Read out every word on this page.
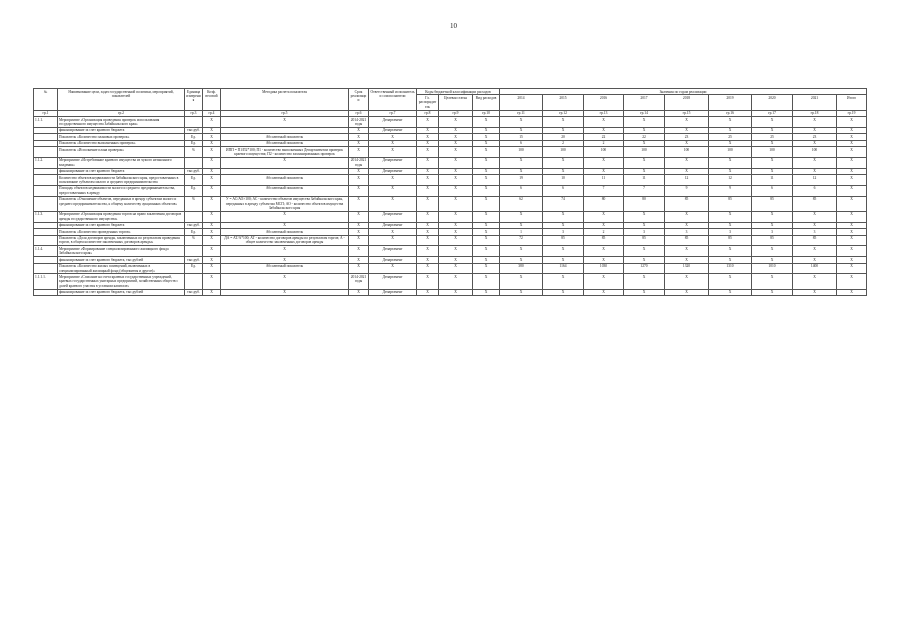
10
№	Наименование цели, задач государственной политики, мероприятий, показателей	Единица измерения	Коэф. весовой	Методика расчета показателя	Срок реализации	Ответственный исполнитель и соисполнители	Коды бюджетной классификации расходов			Значения по годам реализации								
							Гл. распорядитель	Целевая статья	Вид расходов	2014	2015	2016	2017	2018	2019	2020	2021	Итого
гр.1	гр.2	гр.3	гр.4	гр.5	гр.6	гр.7	гр.8	гр.9	гр.10	гр.11	гр.12	гр.13	гр.14	гр.15	гр.16	гр.17	гр.18	гр.19
1.1.1.	Мероприятие «Организация проведения проверок использования государственного имущества Забайкальского края»		X	X	2014-2021 годы	Департамент	X	X	X	X	X	X	X	X	X	X	X	X
	финансирование за счет краевого бюджета	тыс.руб.	X		X	Департамент	X	X	X	X	X	X	X	X	X	X	X	X
	Показатель «Количество плановых проверок»	Ед.	X	Абсолютный показатель	X	X	X	X	X	15	20	22	22	23	25	25	23	X
	Показатель «Количество выполненных проверок»	Ед.	X	Абсолютный показатель	X	X	X	X	X	6	2	2	X	X	X	X	X	X
	Показатель «Исполнение плана проверок»	%	X	ИПП = П1/П2*100; П1 - количество выполненных Департаментом проверок краевого имущества; П2 - количество запланированных проверок	X	X	X	X	X	100	100	100	100	100	100	100	100	X
1.1.2.	Мероприятие «Истребование краевого имущества из чужого незаконного владения»		X	X	2014-2021 годы	Департамент	X	X	X	X	X	X	X	X	X	X	X	X
	финансирование за счет краевого бюджета	тыс.руб.	X		X	Департамент	X	X	X	X	X	X	X	X	X	X	X	X
	Количество объектов недвижимости Забайкальского края, предоставленных в пользование субъектам малого и среднего предпринимательства	Ед.	X	Абсолютный показатель	X	X	X	X	X	19	10	11	11	12	12	11	12	X
	Площадь объектов недвижимости малого и среднего предпринимательства, предоставленных в аренду	Ед.	X	Абсолютный показатель	X	X	X	X	X	6	6	7	7	9	9	6	6	X
	Показатель «Отношение объектов, переданных в аренду субъектам малого и среднего предпринимательства, к общему количеству аукционных объектов»	%	X	У = АС/АО×100; АС - количество объектов имущества Забайкальского края, переданных в аренду субъектам МСП; АО - количество объектов имущества Забайкальского края	X	X	X	X	X	62	74	80	80	85	85	85	85	X
1.1.3.	Мероприятие «Организация проведения торгов на право заключения договоров аренды государственного имущества»		X	X	X	Департамент	X	X	X	X	X	X	X	X	X	X	X	X
	финансирование за счет краевого бюджета	тыс.руб.	X	X	X	Департамент	X	X	X	X	X	X	X	X	X	X	X	X
	Показатель «Количество проведенных торгов»	Ед.	X	Абсолютный показатель	X	X	X	X	X	1	3	2	3	3	3	3	3	X
	Показатель «Доля договоров аренды, заключенных по результатам проведения торгов, в общем количестве заключенных договоров аренды»	%	X	ДА = АТ/А*100; АТ - количество договоров аренды по результатам торгов; А - общее количество заключенных договоров аренды	X	X	X	X	X	72	85	85	85	85	85	85	85	X
1.1.4.	Мероприятие «Формирование специализированного жилищного фонда Забайкальского края»		X	X	X	Департамент	X	X	X	X	X	X	X	X	X	X	X	X
	финансирование за счет краевого бюджета, тыс.рублей	тыс.руб.	X	X	X	Департамент	X	X	X	X	X	X	X	X	X	X	X	X
	Показатель «Количество жилых помещений, включенных в специализированный жилищный фонд (общежития и другое)»	Ед.	X	Абсолютный показатель	X	X	X	X	X	380	1164	1030	1270	1320	1310	1010	1400	X
1.1.1.1.	Мероприятие «Списание на счета краевых государственных учреждений, краевых государственных унитарных предприятий, хозяйственных обществ с долей краевого участия в уставном капитале»		X	X	2014-2021 годы	Департамент	X	X	X	X	X	X	X	X	X	X	X	X
	финансирование за счет краевого бюджета, тыс.рублей	тыс.руб.	X	X	X	Департамент	X	X	X	X	X	X	X	X	X	X	X	X
